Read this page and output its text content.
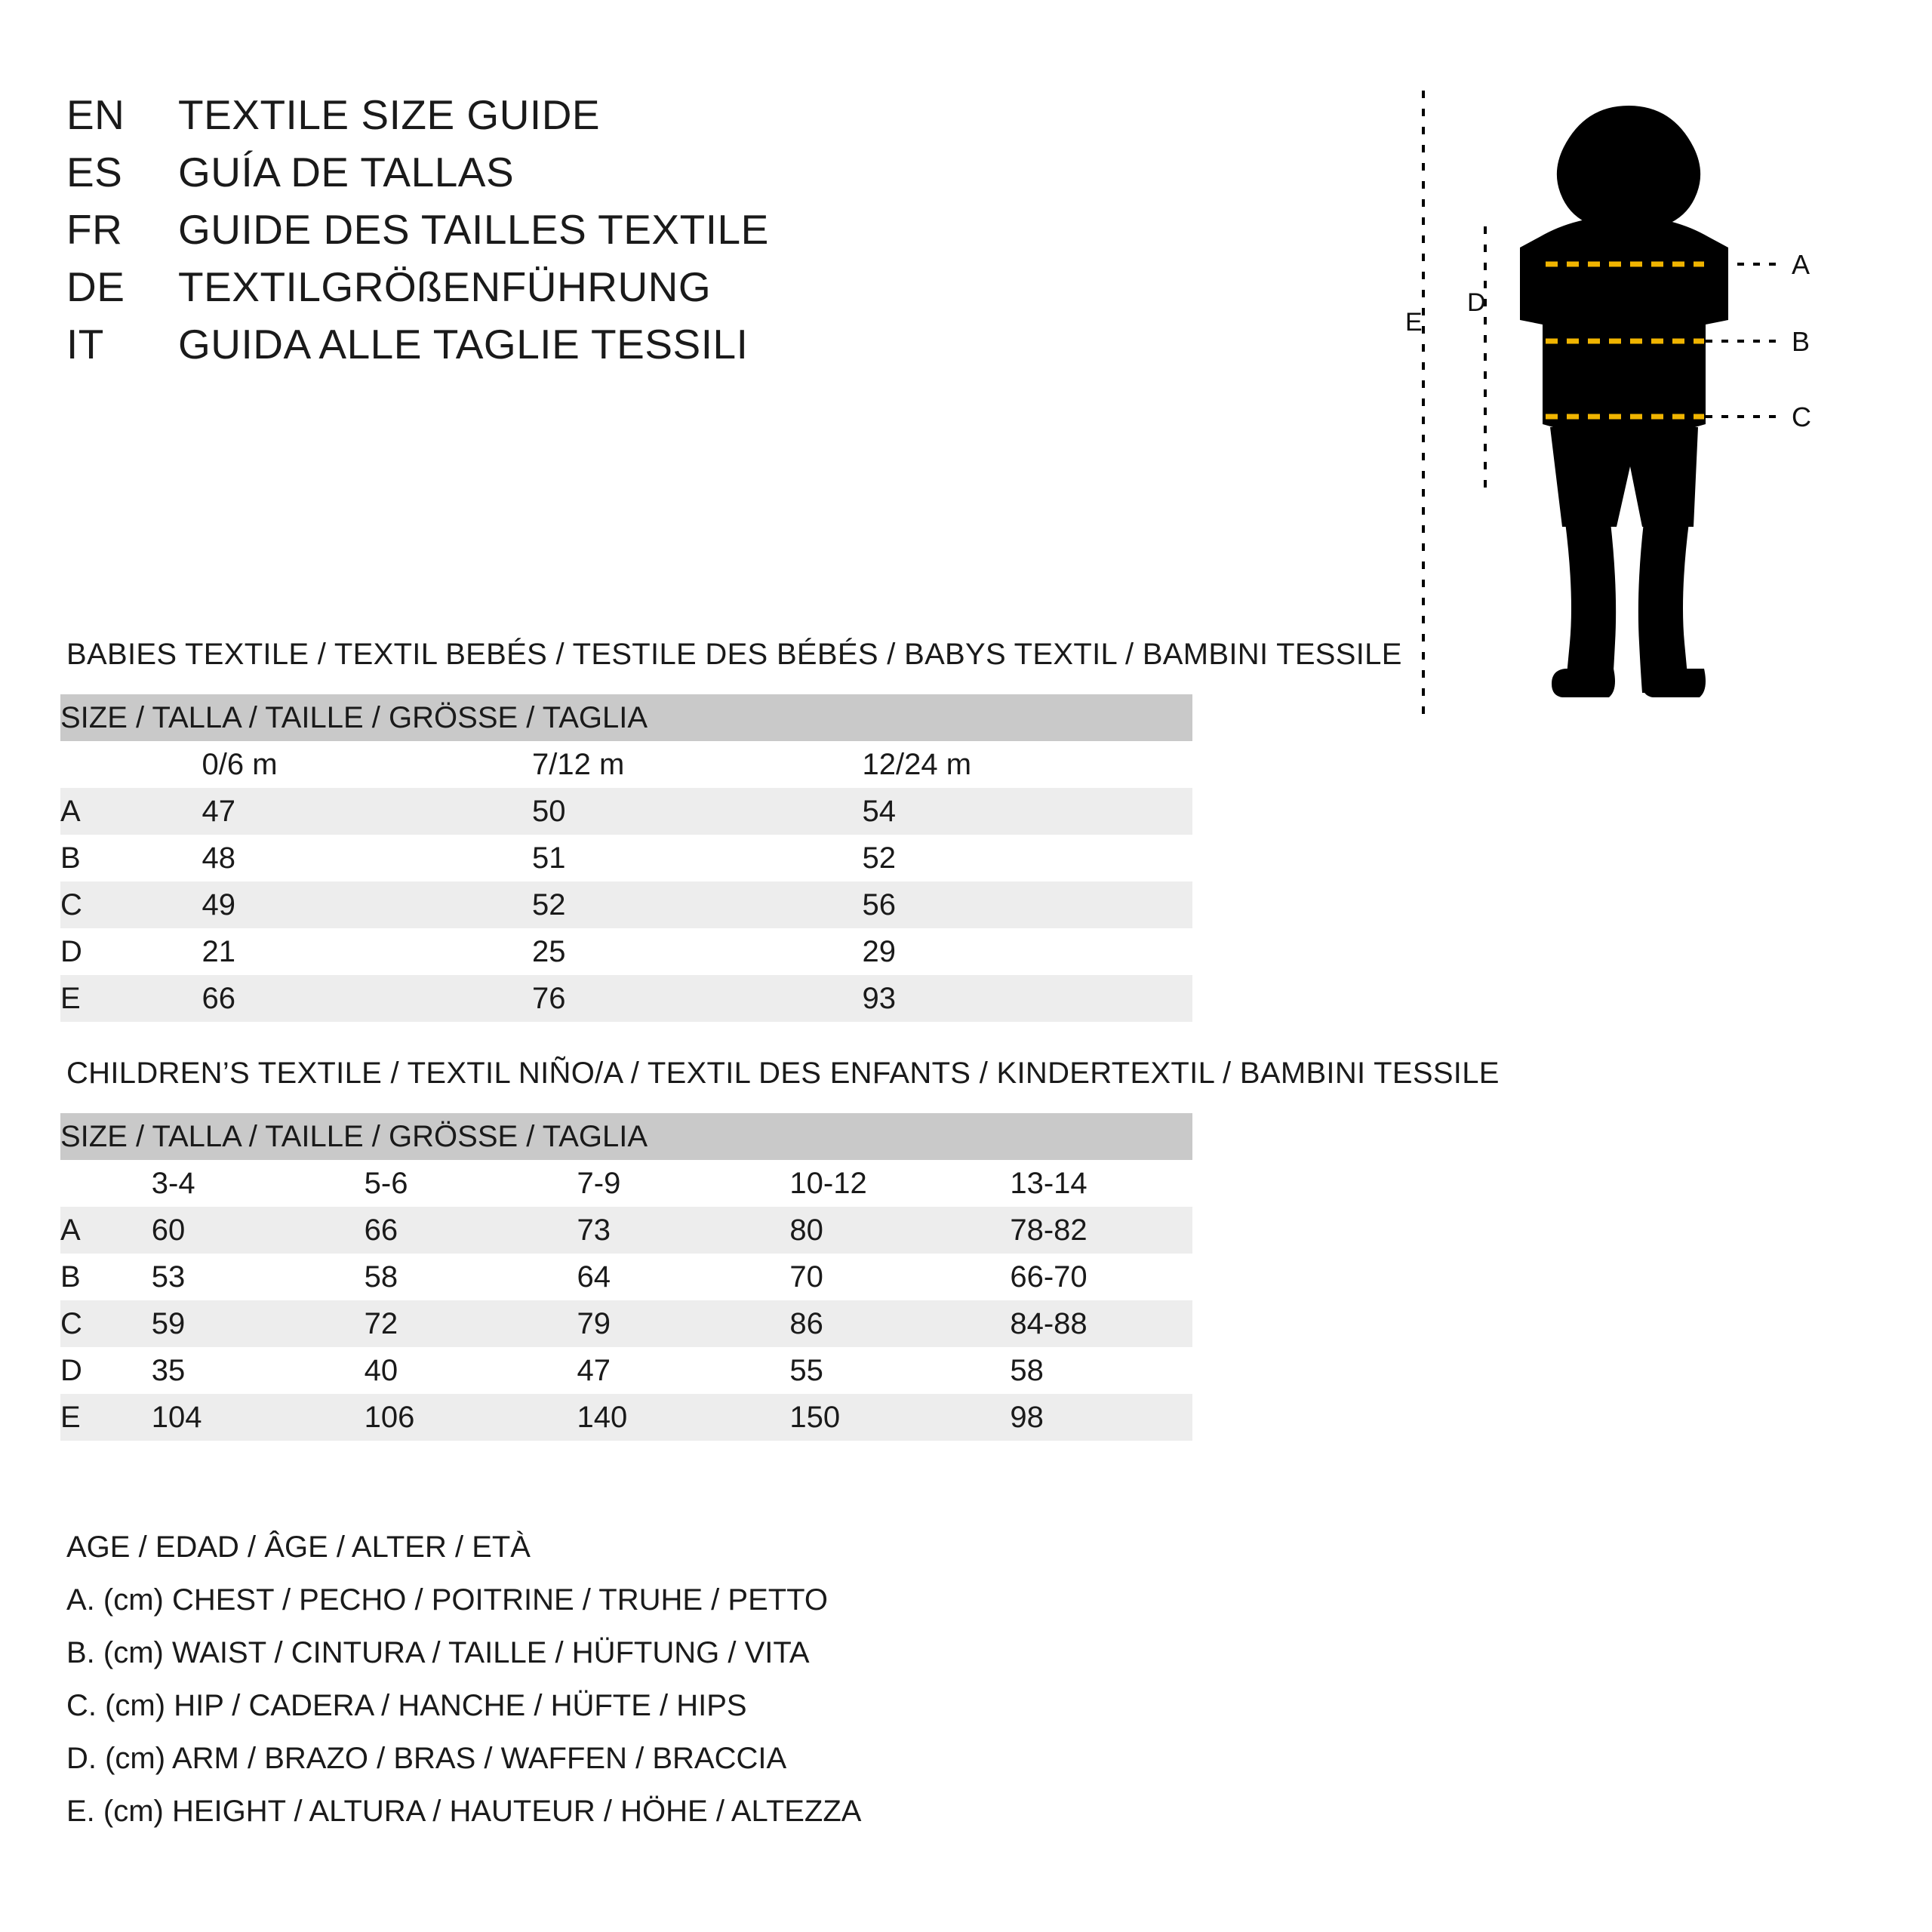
EN	TEXTILE SIZE GUIDE
ES	GUÍA DE TALLAS
FR	GUIDE DES TAILLES TEXTILE
DE	TEXTILGRÖßENFÜHRUNG
IT	GUIDA ALLE TAGLIE TESSILI	E
D
A
B
C
BABIES TEXTILE / TEXTIL BEBÉS / TESTILE DES BÉBÉS / BABYS TEXTIL / BAMBINI TESSILE
SIZE / TALLA / TAILLE / GRÖSSE / TAGLIA			
	0/6 m	7/12 m	12/24 m
A	47	50	54
B	48	51	52
C	49	52	56
D	21	25	29
E	66	76	93
CHILDREN’S TEXTILE / TEXTIL NIÑO/A / TEXTIL DES ENFANTS / KINDERTEXTIL / BAMBINI TESSILE
SIZE / TALLA / TAILLE / GRÖSSE / TAGLIA					
	3-4	5-6	7-9	10-12	13-14
A	60	66	73	80	78-82
B	53	58	64	70	66-70
C	59	72	79	86	84-88
D	35	40	47	55	58
E	104	106	140	150	98
AGE / EDAD / ÂGE / ALTER / ETÀ
A. (cm) CHEST / PECHO / POITRINE / TRUHE / PETTO
B. (cm) WAIST / CINTURA / TAILLE / HÜFTUNG / VITA
C. (cm) HIP / CADERA / HANCHE / HÜFTE / HIPS
D. (cm) ARM / BRAZO / BRAS / WAFFEN / BRACCIA
E. (cm) HEIGHT / ALTURA / HAUTEUR / HÖHE / ALTEZZA
